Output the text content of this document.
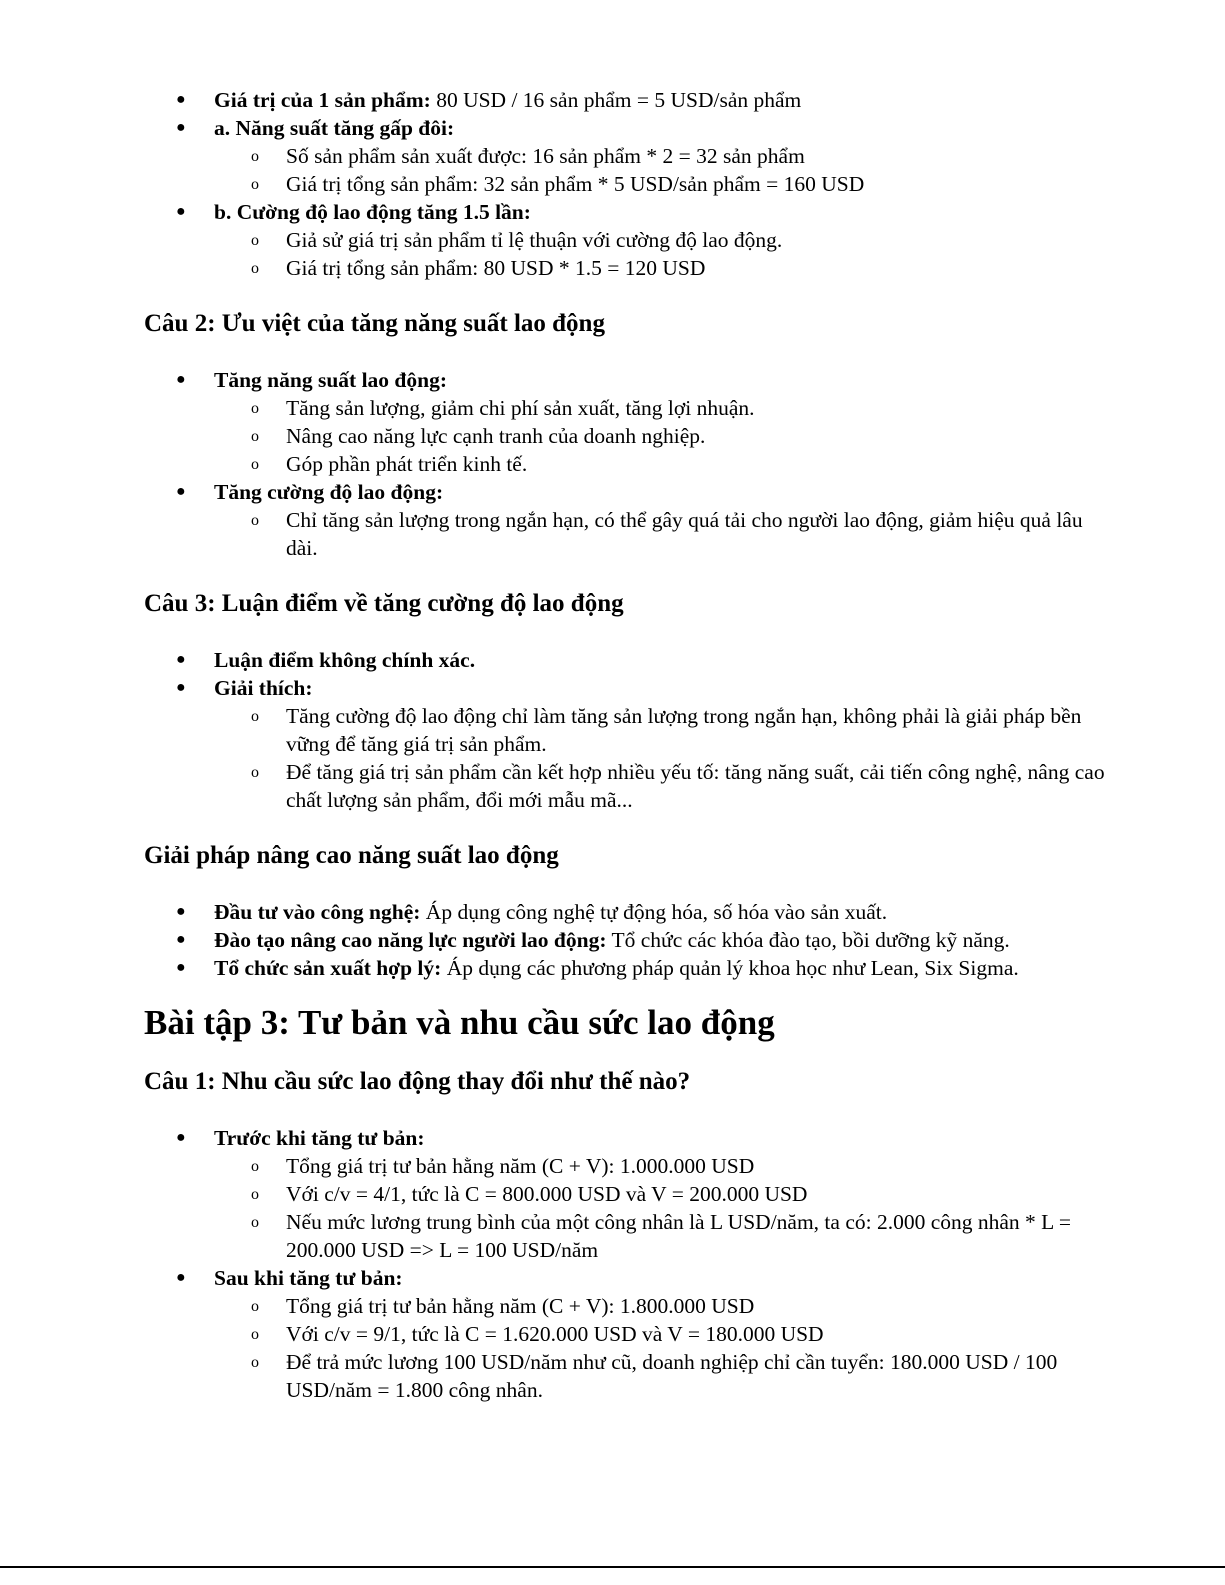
● Giá trị của 1 sản phẩm: 80 USD / 16 sản phẩm = 5 USD/sản phẩm
● a. Năng suất tăng gấp đôi:
o Số sản phẩm sản xuất được: 16 sản phẩm * 2 = 32 sản phẩm
o Giá trị tổng sản phẩm: 32 sản phẩm * 5 USD/sản phẩm = 160 USD
● b. Cường độ lao động tăng 1.5 lần:
o Giả sử giá trị sản phẩm tỉ lệ thuận với cường độ lao động.
o Giá trị tổng sản phẩm: 80 USD * 1.5 = 120 USD
Câu 2: Ưu việt của tăng năng suất lao động
● Tăng năng suất lao động:
o Tăng sản lượng, giảm chi phí sản xuất, tăng lợi nhuận.
o Nâng cao năng lực cạnh tranh của doanh nghiệp.
o Góp phần phát triển kinh tế.
● Tăng cường độ lao động:
o Chỉ tăng sản lượng trong ngắn hạn, có thể gây quá tải cho người lao động, giảm hiệu quả lâu dài.
Câu 3: Luận điểm về tăng cường độ lao động
● Luận điểm không chính xác.
● Giải thích:
o Tăng cường độ lao động chỉ làm tăng sản lượng trong ngắn hạn, không phải là giải pháp bền vững để tăng giá trị sản phẩm.
o Để tăng giá trị sản phẩm cần kết hợp nhiều yếu tố: tăng năng suất, cải tiến công nghệ, nâng cao chất lượng sản phẩm, đổi mới mẫu mã...
Giải pháp nâng cao năng suất lao động
● Đầu tư vào công nghệ: Áp dụng công nghệ tự động hóa, số hóa vào sản xuất.
● Đào tạo nâng cao năng lực người lao động: Tổ chức các khóa đào tạo, bồi dưỡng kỹ năng.
● Tổ chức sản xuất hợp lý: Áp dụng các phương pháp quản lý khoa học như Lean, Six Sigma.
Bài tập 3: Tư bản và nhu cầu sức lao động
Câu 1: Nhu cầu sức lao động thay đổi như thế nào?
● Trước khi tăng tư bản:
o Tổng giá trị tư bản hằng năm (C + V): 1.000.000 USD
o Với c/v = 4/1, tức là C = 800.000 USD và V = 200.000 USD
o Nếu mức lương trung bình của một công nhân là L USD/năm, ta có: 2.000 công nhân * L = 200.000 USD => L = 100 USD/năm
● Sau khi tăng tư bản:
o Tổng giá trị tư bản hằng năm (C + V): 1.800.000 USD
o Với c/v = 9/1, tức là C = 1.620.000 USD và V = 180.000 USD
o Để trả mức lương 100 USD/năm như cũ, doanh nghiệp chỉ cần tuyển: 180.000 USD / 100 USD/năm = 1.800 công nhân.
